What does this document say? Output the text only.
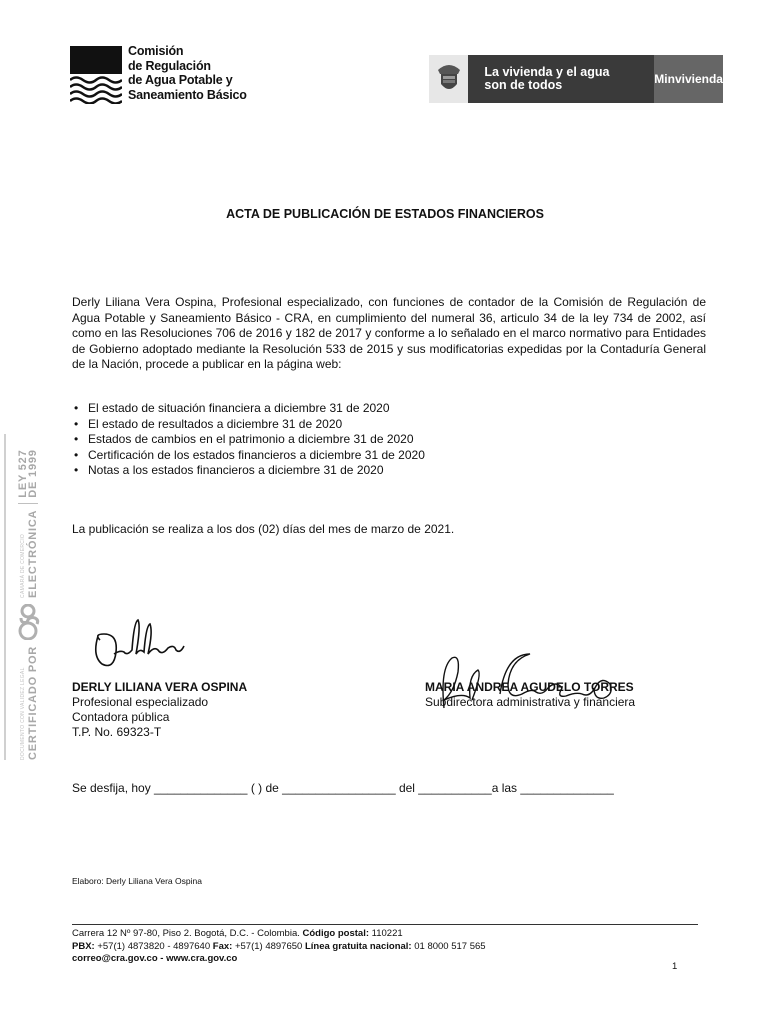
Comisión
de Regulación
de Agua Potable y
Saneamiento Básico
La vivienda y el agua
son de todos	Minvivienda
ACTA DE PUBLICACIÓN DE ESTADOS FINANCIEROS
Derly Liliana Vera Ospina, Profesional especializado, con funciones de contador de la Comisión de Regulación de Agua Potable y Saneamiento Básico - CRA, en cumplimiento del numeral 36, articulo 34 de la ley 734 de 2002, así como en las Resoluciones 706 de 2016 y 182 de 2017 y conforme a lo señalado en el marco normativo para Entidades de Gobierno adoptado mediante la Resolución 533 de 2015 y sus modificatorias expedidas por la Contaduría General de la Nación, procede a publicar en la página web:
• El estado de situación financiera a diciembre 31 de 2020
• El estado de resultados a diciembre 31 de 2020
• Estados de cambios en el patrimonio a diciembre 31 de 2020
• Certificación de los estados financieros a diciembre 31 de 2020
• Notas a los estados financieros a diciembre 31 de 2020
La publicación se realiza a los dos (02) días del mes de marzo de 2021.
DERLY LILIANA VERA OSPINA
Profesional especializado
Contadora pública
T.P. No. 69323-T
MARIA ANDREA AGUDELO TORRES
Subdirectora administrativa y financiera
Se desfija, hoy ______________ ( ) de _________________ del ___________a las ______________
Elaboro: Derly Liliana Vera Ospina
Carrera 12 Nº 97-80, Piso 2. Bogotá, D.C. - Colombia. Código postal: 110221
PBX: +57(1) 4873820 - 4897640 Fax: +57(1) 4897650 Línea gratuita nacional: 01 8000 517 565
correo@cra.gov.co - www.cra.gov.co
1
DOCUMENTO CON VALIDEZ LEGAL CERTIFICADO POR
CAMARÁ DE COMERCIO ELECTRÓNICA
LEY 527
DE 1999
